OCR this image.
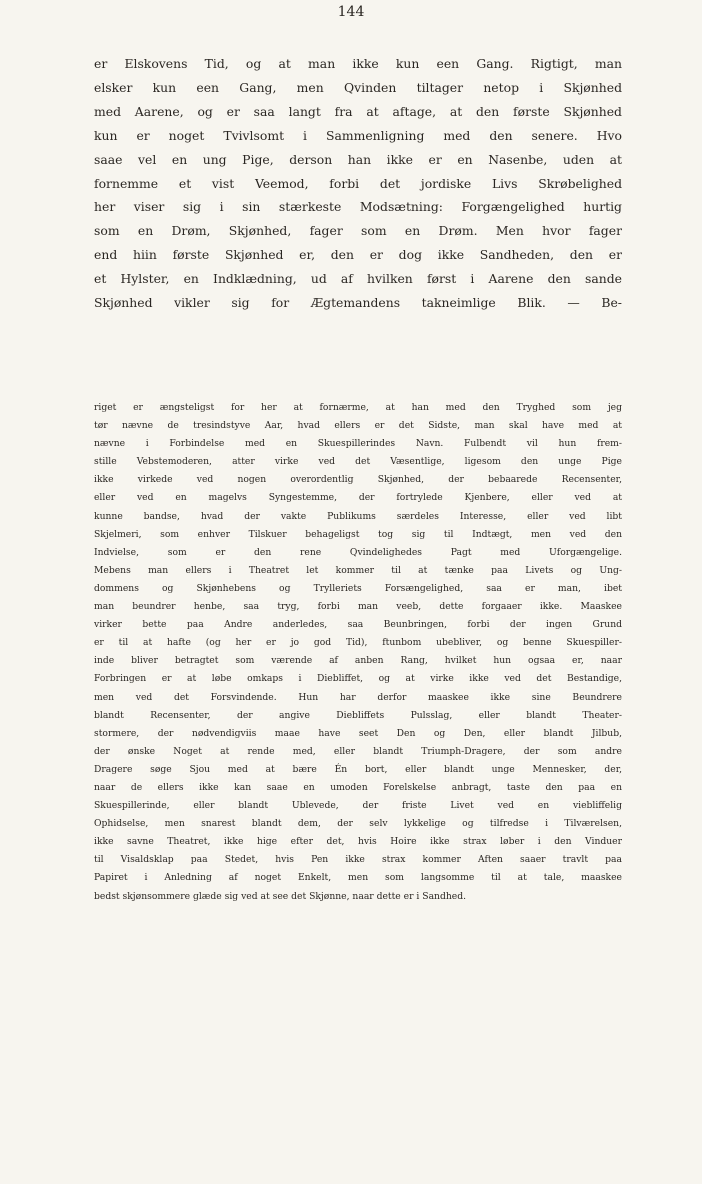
144
er Elskovens Tid, og at man ikke kun een Gang. Rigtigt, man
elsker kun een Gang, men Qvinden tiltager netop i Skjønhed
med Aarene, og er saa langt fra at aftage, at den første Skjønhed
kun er noget Tvivlsomt i Sammenligning med den senere. Hvo
saae vel en ung Pige, derson han ikke er en Nasenbe, uden at
fornemme et vist Veemod, forbi det jordiske Livs Skrøbelighed
her viser sig i sin stærkeste Modsætning: Forgængelighed hurtig
som en Drøm, Skjønhed, fager som en Drøm. Men hvor fager
end hiin første Skjønhed er, den er dog ikke Sandheden, den er
et Hylster, en Indklædning, ud af hvilken først i Aarene den sande
Skjønhed vikler sig for Ægtemandens takneimlige Blik. — Be-
riget er ængsteligst for her at fornærme, at han med den Tryghed som jeg
tør nævne de tresindstyve Aar, hvad ellers er det Sidste, man skal have med at
nævne i Forbindelse med en Skuespillerindes Navn. Fulbendt vil hun frem-
stille Vebstemoderen, atter virke ved det Væsentlige, ligesom den unge Pige
ikke virkede ved nogen overordentlig Skjønhed, der bebaarede Recensenter,
eller ved en magelvs Syngestemme, der fortrylede Kjenbere, eller ved at
kunne bandse, hvad der vakte Publikums særdeles Interesse, eller ved libt
Skjelmeri, som enhver Tilskuer behageligst tog sig til Indtægt, men ved den
Indvielse, som er den rene Qvindelighedes Pagt med Uforgængelige.
Mebens man ellers i Theatret let kommer til at tænke paa Livets og Ung-
dommens og Skjønhebens og Trylleriets Forsængelighed, saa er man, ibet
man beundrer henbe, saa tryg, forbi man veeb, dette forgaaer ikke. Maaskee
virker bette paa Andre anderledes, saa Beunbringen, forbi der ingen Grund
er til at hafte (og her er jo god Tid), ftunbom ubebliver, og benne Skuespiller-
inde bliver betragtet som værende af anben Rang, hvilket hun ogsaa er, naar
Forbringen er at løbe omkaps i Diebliffet, og at virke ikke ved det Bestandige,
men ved det Forsvindende. Hun har derfor maaskee ikke sine Beundrere
blandt Recensenter, der angive Diebliffets Pulsslag, eller blandt Theater-
stormere, der nødvendigviis maae have seet Den og Den, eller blandt Jilbub,
der ønske Noget at rende med, eller blandt Triumph-Dragere, der som andre
Dragere søge Sjou med at bære Én bort, eller blandt unge Mennesker, der,
naar de ellers ikke kan saae en umoden Forelskelse anbragt, taste den paa en
Skuespillerinde, eller blandt Ublevede, der friste Livet ved en viebliffelig
Ophidselse, men snarest blandt dem, der selv lykkelige og tilfredse i Tilværelsen,
ikke savne Theatret, ikke hige efter det, hvis Hoire ikke strax løber i den Vinduer
til Visaldsklap paa Stedet, hvis Pen ikke strax kommer Aften saaer travlt paa
Papiret i Anledning af noget Enkelt, men som langsomme til at tale, maaskee
bedst skjønsommere glæde sig ved at see det Skjønne, naar dette er i Sandhed.
